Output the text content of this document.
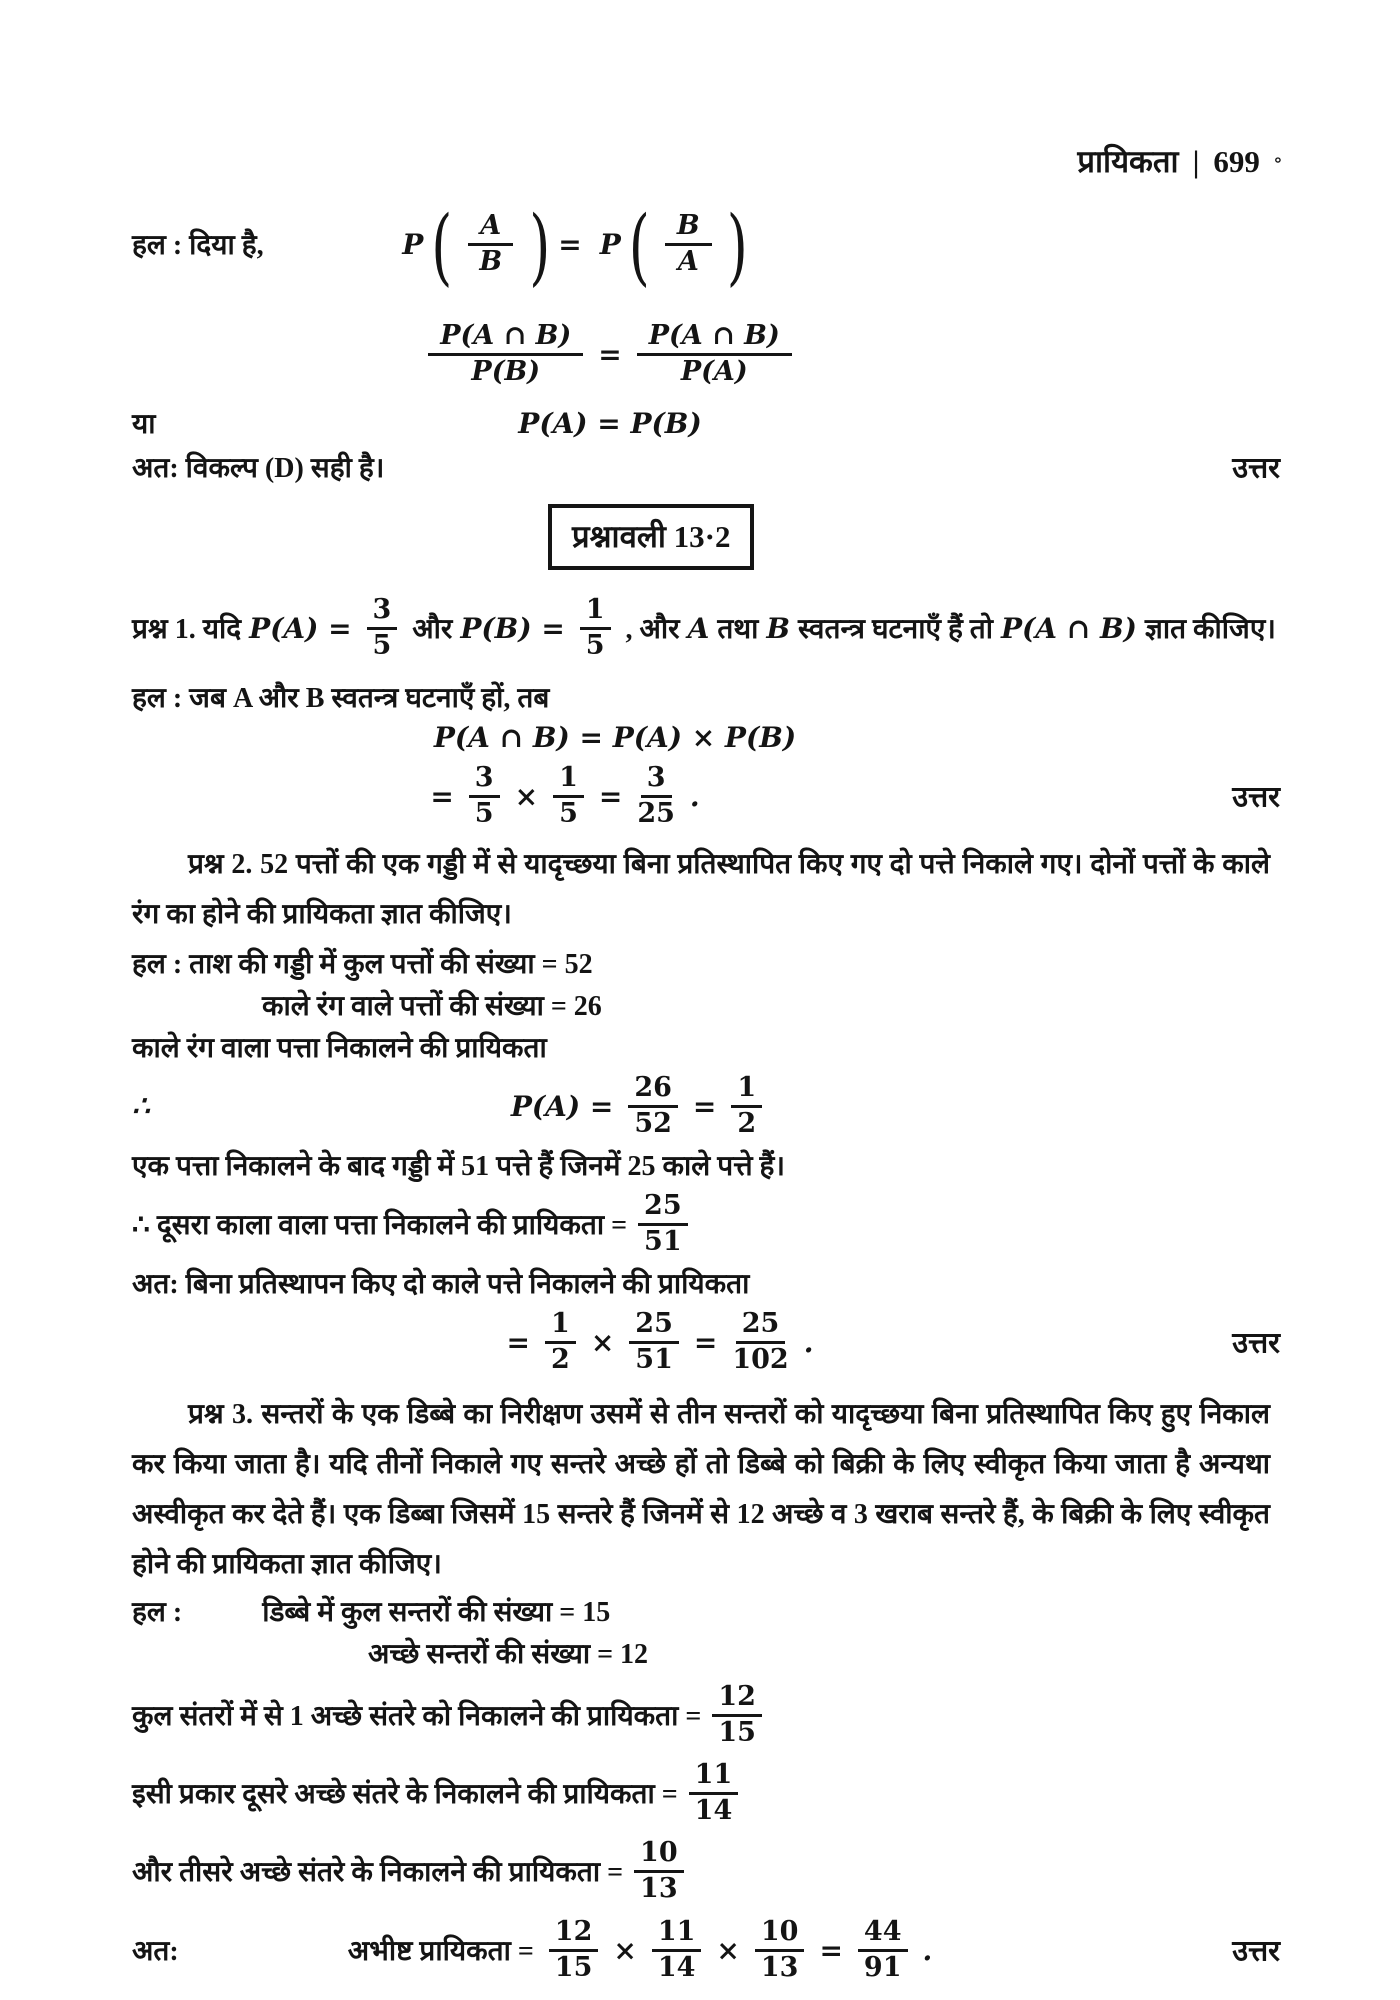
प्रायिकता | 699 ॰
हल : दिया है,	P ( $\frac{A}{B}$ ) = P ( $\frac{B}{A}$ )
$\frac{P(A \cap B)}{P(B)} = \frac{P(A \cap B)}{P(A)}$
या	P(A) = P(B)
अत: विकल्प (D) सही है।	उत्तर
प्रश्नावली 13·2
प्रश्न 1. यदि $P(A) = \frac{3}{5}$ और $P(B) = \frac{1}{5}$ , और A तथा B स्वतन्त्र घटनाएँ हैं तो P(A ∩ B) ज्ञात कीजिए।
हल : जब A और B स्वतन्त्र घटनाएँ हों, तब
P(A ∩ B) = P(A) × P(B)
= $\frac{3}{5} \times \frac{1}{5} = \frac{3}{25}$ .	उत्तर
प्रश्न 2. 52 पत्तों की एक गड्डी में से यादृच्छया बिना प्रतिस्थापित किए गए दो पत्ते निकाले गए। दोनों पत्तों के काले रंग का होने की प्रायिकता ज्ञात कीजिए।
हल : ताश की गड्डी में कुल पत्तों की संख्या = 52
काले रंग वाले पत्तों की संख्या = 26
काले रंग वाला पत्ता निकालने की प्रायिकता
∴	$P(A) = \frac{26}{52} = \frac{1}{2}$
एक पत्ता निकालने के बाद गड्डी में 51 पत्ते हैं जिनमें 25 काले पत्ते हैं।
∴ दूसरा काला वाला पत्ता निकालने की प्रायिकता = $\frac{25}{51}$
अत: बिना प्रतिस्थापन किए दो काले पत्ते निकालने की प्रायिकता
= $\frac{1}{2} \times \frac{25}{51} = \frac{25}{102}$ .	उत्तर
प्रश्न 3. सन्तरों के एक डिब्बे का निरीक्षण उसमें से तीन सन्तरों को यादृच्छया बिना प्रतिस्थापित किए हुए निकाल कर किया जाता है। यदि तीनों निकाले गए सन्तरे अच्छे हों तो डिब्बे को बिक्री के लिए स्वीकृत किया जाता है अन्यथा अस्वीकृत कर देते हैं। एक डिब्बा जिसमें 15 सन्तरे हैं जिनमें से 12 अच्छे व 3 खराब सन्तरे हैं, के बिक्री के लिए स्वीकृत होने की प्रायिकता ज्ञात कीजिए।
हल :	डिब्बे में कुल सन्तरों की संख्या = 15
अच्छे सन्तरों की संख्या = 12
कुल संतरों में से 1 अच्छे संतरे को निकालने की प्रायिकता = $\frac{12}{15}$
इसी प्रकार दूसरे अच्छे संतरे के निकालने की प्रायिकता = $\frac{11}{14}$
और तीसरे अच्छे संतरे के निकालने की प्रायिकता = $\frac{10}{13}$
अत:	अभीष्ट प्रायिकता = $\frac{12}{15} \times \frac{11}{14} \times \frac{10}{13} = \frac{44}{91}$ .	उत्तर
